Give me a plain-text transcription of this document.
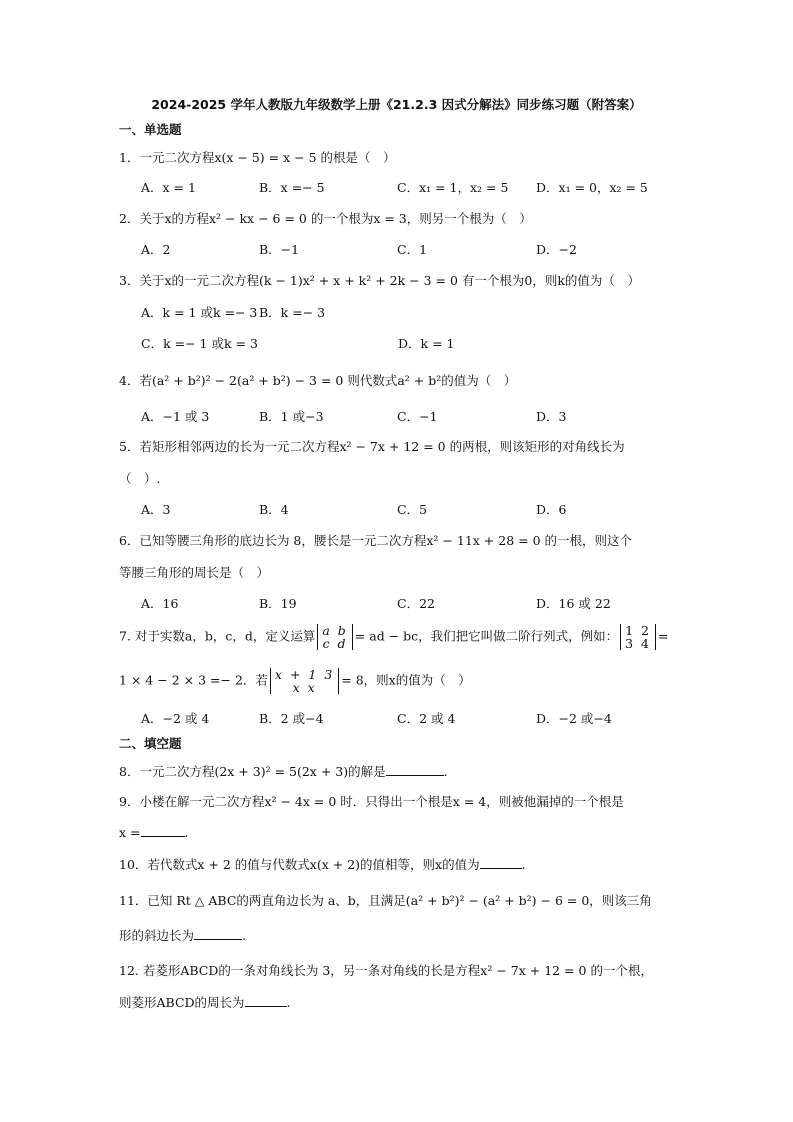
2024-2025 学年人教版九年级数学上册《21.2.3 因式分解法》同步练习题（附答案）
一、单选题
1．一元二次方程x(x − 5) = x − 5 的根是（　）
A．x = 1	B．x =− 5	C．x₁ = 1，x₂ = 5 D．x₁ = 0，x₂ = 5
2．关于x的方程x² − kx − 6 = 0 的一个根为x = 3，则另一个根为（　）
A．2	B．−1	C．1	D．−2
3．关于x的一元二次方程(k − 1)x² + x + k² + 2k − 3 = 0 有一个根为0，则k的值为（　）
A．k = 1 或k =− 3 B．k =− 3
C．k =− 1 或k = 3	D．k = 1
4．若(a² + b²)² − 2(a² + b²) − 3 = 0 则代数式a² + b²的值为（　）
A．−1 或 3	B．1 或−3	C．−1	D．3
5．若矩形相邻两边的长为一元二次方程x² − 7x + 12 = 0 的两根，则该矩形的对角线长为
（　）.
A．3	B．4	C．5	D．6
6．已知等腰三角形的底边长为 8，腰长是一元二次方程x² − 11x + 28 = 0 的一根，则这个
等腰三角形的周长是（　）
A．16	B．19	C．22	D．16 或 22
7. 对于实数a，b，c，d，定义运算 a b
c d = ad − bc，我们把它叫做二阶行列式，例如： 1 2
3 4 =
1 × 4 − 2 × 3 =− 2．若 x + 1 3
x x	= 8，则x的值为（　）
A．−2 或 4	B．2 或−4	C．2 或 4	D．−2 或−4
二、填空题
8．一元二次方程(2x + 3)² = 5(2x + 3)的解是	.
9．小楼在解一元二次方程x² − 4x = 0 时．只得出一个根是x = 4，则被他漏掉的一个根是
x =	.
10．若代数式x + 2 的值与代数式x(x + 2)的值相等，则x的值为	.
11．已知 Rt △ ABC的两直角边长为 a、b，且满足(a² + b²)² − (a² + b²) − 6 = 0，则该三角
形的斜边长为	.
12. 若菱形ABCD的一条对角线长为 3，另一条对角线的长是方程x² − 7x + 12 = 0 的一个根，
则菱形ABCD的周长为	.
